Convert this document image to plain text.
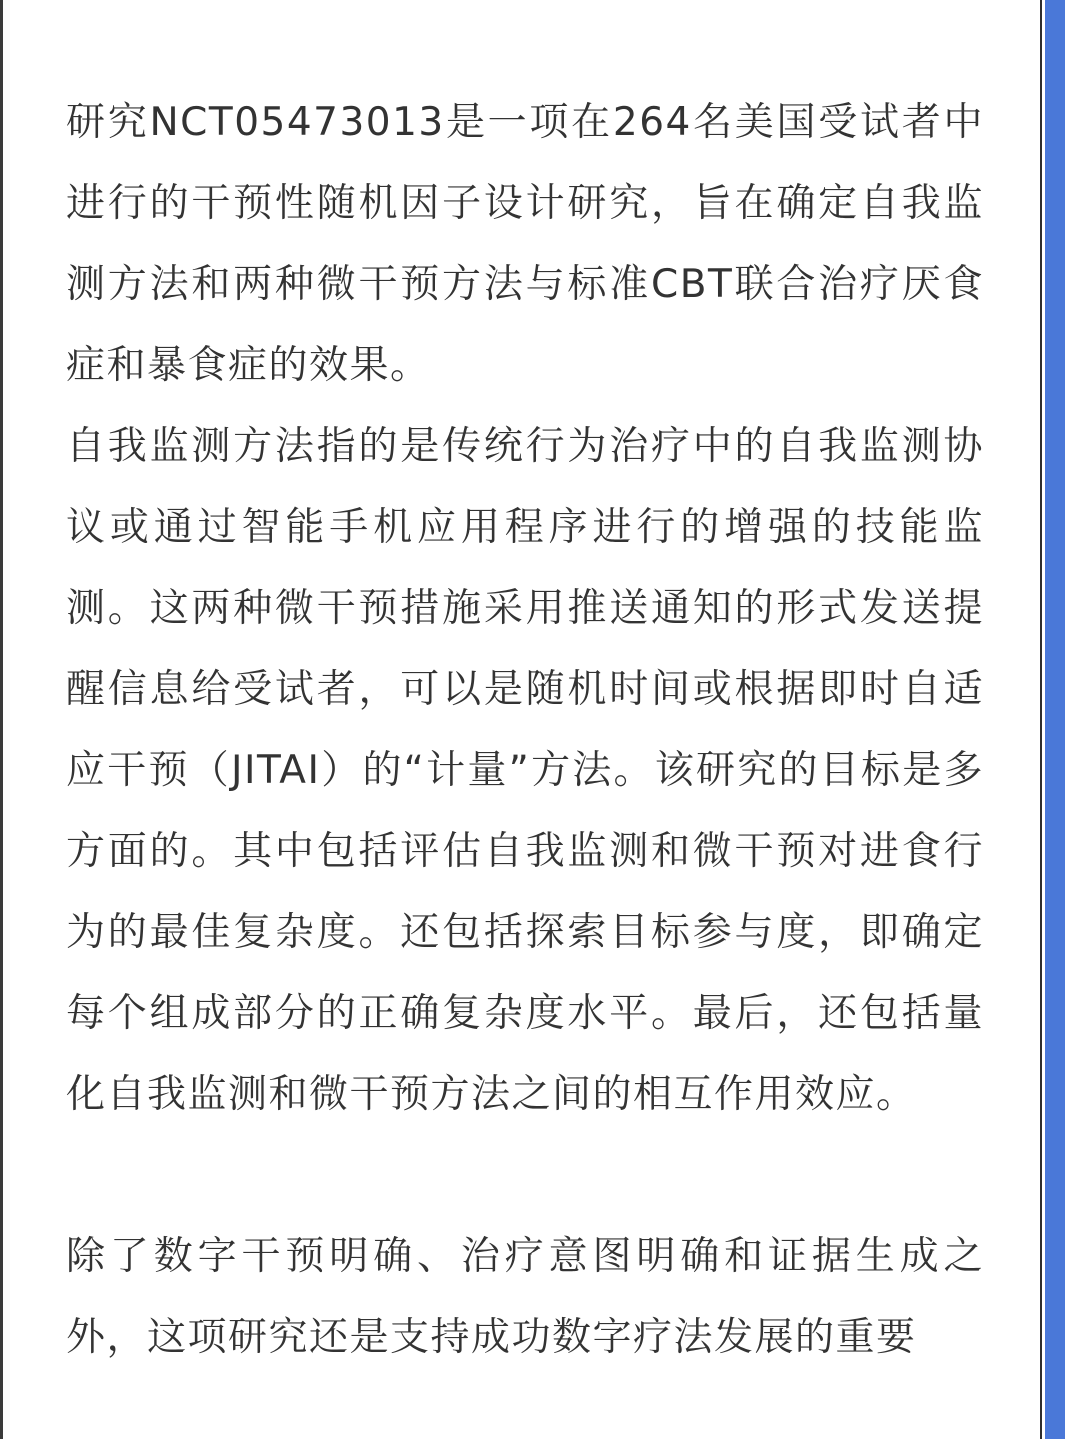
研究NCT05473013是一项在264名美国受试者中进行的干预性随机因子设计研究，旨在确定自我监测方法和两种微干预方法与标准CBT联合治疗厌食症和暴食症的效果。

自我监测方法指的是传统行为治疗中的自我监测协议或通过智能手机应用程序进行的增强的技能监测。这两种微干预措施采用推送通知的形式发送提醒信息给受试者，可以是随机时间或根据即时自适应干预（JITAI）的“计量”方法。该研究的目标是多方面的。其中包括评估自我监测和微干预对进食行为的最佳复杂度。还包括探索目标参与度，即确定每个组成部分的正确复杂度水平。最后，还包括量化自我监测和微干预方法之间的相互作用效应。

除了数字干预明确、治疗意图明确和证据生成之外，这项研究还是支持成功数字疗法发展的重要
